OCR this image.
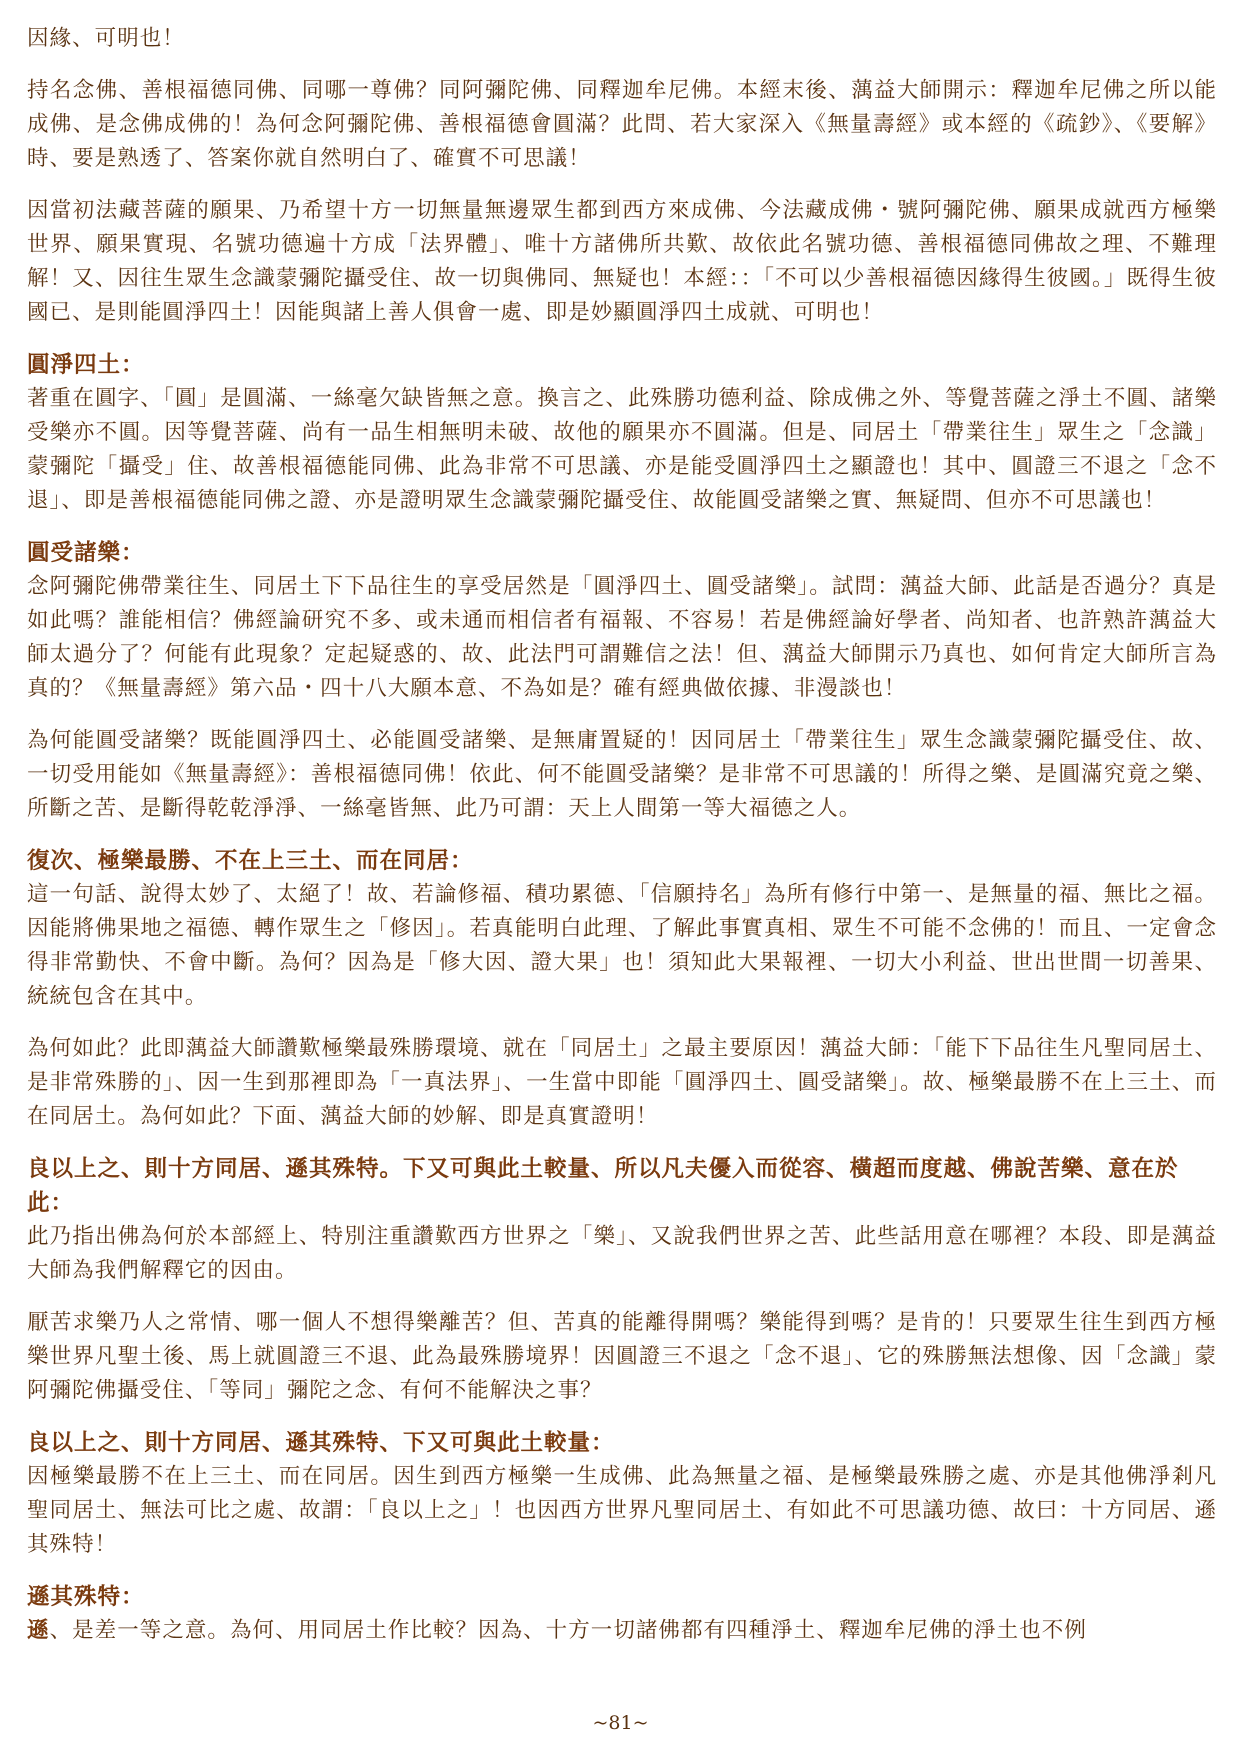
因緣、可明也！

持名念佛、善根福德同佛、同哪一尊佛？同阿彌陀佛、同釋迦牟尼佛。本經末後、蕅益大師開示：釋迦牟尼佛之所以能成佛、是念佛成佛的！為何念阿彌陀佛、善根福德會圓滿？此問、若大家深入《無量壽經》或本經的《疏鈔》、《要解》時、要是熟透了、答案你就自然明白了、確實不可思議！

因當初法藏菩薩的願果、乃希望十方一切無量無邊眾生都到西方來成佛、今法藏成佛・號阿彌陀佛、願果成就西方極樂世界、願果實現、名號功德遍十方成「法界體」、唯十方諸佛所共歎、故依此名號功德、善根福德同佛故之理、不難理解！又、因往生眾生念識蒙彌陀攝受住、故一切與佛同、無疑也！本經：：「不可以少善根福德因緣得生彼國。」既得生彼國已、是則能圓淨四土！因能與諸上善人俱會一處、即是妙顯圓淨四土成就、可明也！

圓淨四土：

著重在圓字、「圓」是圓滿、一絲毫欠缺皆無之意。換言之、此殊勝功德利益、除成佛之外、等覺菩薩之淨土不圓、諸樂受樂亦不圓。因等覺菩薩、尚有一品生相無明未破、故他的願果亦不圓滿。但是、同居土「帶業往生」眾生之「念識」蒙彌陀「攝受」住、故善根福德能同佛、此為非常不可思議、亦是能受圓淨四土之顯證也！其中、圓證三不退之「念不退」、即是善根福德能同佛之證、亦是證明眾生念識蒙彌陀攝受住、故能圓受諸樂之實、無疑問、但亦不可思議也！

圓受諸樂：

念阿彌陀佛帶業往生、同居土下下品往生的享受居然是「圓淨四土、圓受諸樂」。試問：蕅益大師、此話是否過分？真是如此嗎？誰能相信？佛經論研究不多、或未通而相信者有福報、不容易！若是佛經論好學者、尚知者、也許熟許蕅益大師太過分了？何能有此現象？定起疑惑的、故、此法門可謂難信之法！但、蕅益大師開示乃真也、如何肯定大師所言為真的？《無量壽經》第六品・四十八大願本意、不為如是？確有經典做依據、非漫談也！

為何能圓受諸樂？既能圓淨四土、必能圓受諸樂、是無庸置疑的！因同居土「帶業往生」眾生念識蒙彌陀攝受住、故、一切受用能如《無量壽經》：善根福德同佛！依此、何不能圓受諸樂？是非常不可思議的！所得之樂、是圓滿究竟之樂、所斷之苦、是斷得乾乾淨淨、一絲毫皆無、此乃可謂：天上人間第一等大福德之人。

復次、極樂最勝、不在上三土、而在同居：

這一句話、說得太妙了、太絕了！故、若論修福、積功累德、「信願持名」為所有修行中第一、是無量的福、無比之福。因能將佛果地之福德、轉作眾生之「修因」。若真能明白此理、了解此事實真相、眾生不可能不念佛的！而且、一定會念得非常勤快、不會中斷。為何？因為是「修大因、證大果」也！須知此大果報裡、一切大小利益、世出世間一切善果、統統包含在其中。

為何如此？此即蕅益大師讚歎極樂最殊勝環境、就在「同居土」之最主要原因！蕅益大師：「能下下品往生凡聖同居土、是非常殊勝的」、因一生到那裡即為「一真法界」、一生當中即能「圓淨四土、圓受諸樂」。故、極樂最勝不在上三土、而在同居土。為何如此？下面、蕅益大師的妙解、即是真實證明！

良以上之、則十方同居、遜其殊特。下又可與此土較量、所以凡夫優入而從容、橫超而度越、佛說苦樂、意在於此：

此乃指出佛為何於本部經上、特別注重讚歎西方世界之「樂」、又說我們世界之苦、此些話用意在哪裡？本段、即是蕅益大師為我們解釋它的因由。

厭苦求樂乃人之常情、哪一個人不想得樂離苦？但、苦真的能離得開嗎？樂能得到嗎？是肯的！只要眾生往生到西方極樂世界凡聖土後、馬上就圓證三不退、此為最殊勝境界！因圓證三不退之「念不退」、它的殊勝無法想像、因「念識」蒙阿彌陀佛攝受住、「等同」彌陀之念、有何不能解決之事？

良以上之、則十方同居、遜其殊特、下又可與此土較量：

因極樂最勝不在上三土、而在同居。因生到西方極樂一生成佛、此為無量之福、是極樂最殊勝之處、亦是其他佛淨剎凡聖同居土、無法可比之處、故謂：「良以上之」！也因西方世界凡聖同居土、有如此不可思議功德、故曰：十方同居、遜其殊特！

遜其殊特：

遜、是差一等之意。為何、用同居土作比較？因為、十方一切諸佛都有四種淨土、釋迦牟尼佛的淨土也不例

~81~
